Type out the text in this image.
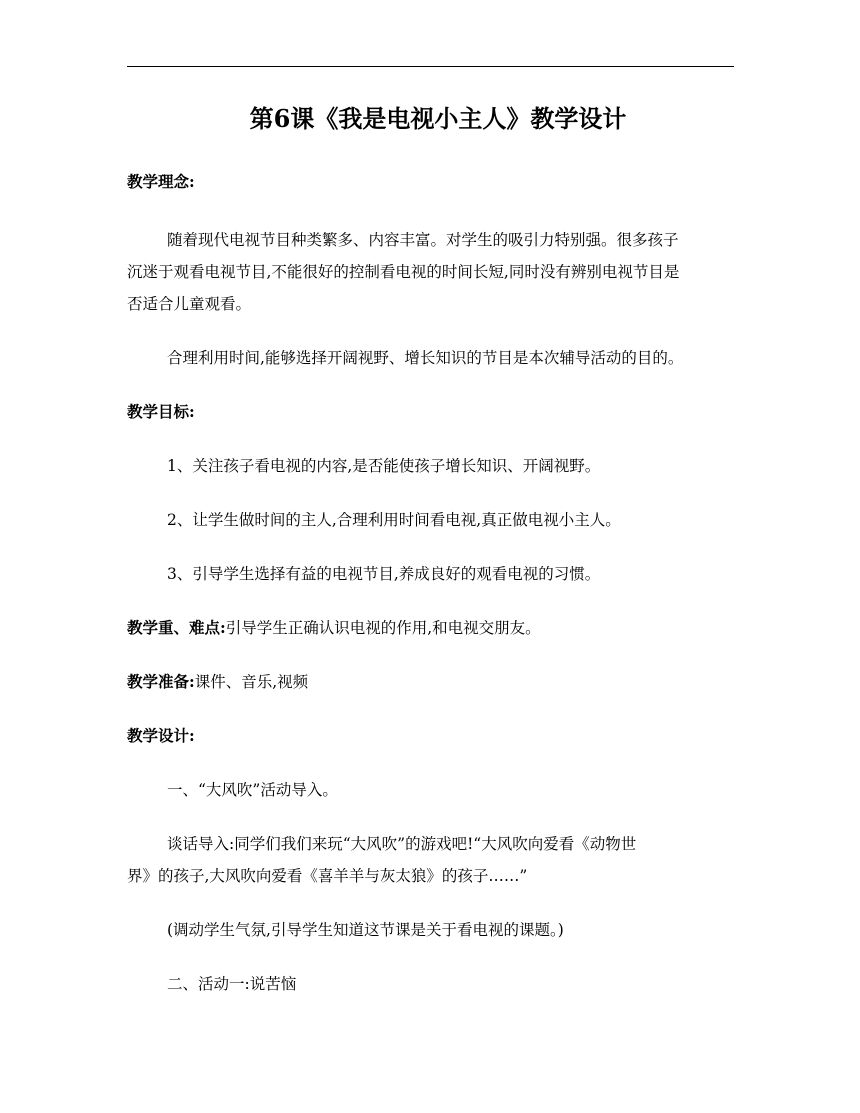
第6课《我是电视小主人》教学设计

教学理念:

随着现代电视节目种类繁多、内容丰富。对学生的吸引力特别强。很多孩子

沉迷于观看电视节目,不能很好的控制看电视的时间长短,同时没有辨别电视节目是

否适合儿童观看。

合理利用时间,能够选择开阔视野、增长知识的节目是本次辅导活动的目的。

教学目标:

1、关注孩子看电视的内容,是否能使孩子增长知识、开阔视野。

2、让学生做时间的主人,合理利用时间看电视,真正做电视小主人。

3、引导学生选择有益的电视节目,养成良好的观看电视的习惯。

教学重、难点:引导学生正确认识电视的作用,和电视交朋友。

教学准备:课件、音乐,视频

教学设计:

一、“大风吹”活动导入。

谈话导入:同学们我们来玩“大风吹”的游戏吧!“大风吹向爱看《动物世

界》的孩子,大风吹向爱看《喜羊羊与灰太狼》的孩子……”

(调动学生气氛,引导学生知道这节课是关于看电视的课题。)

二、活动一:说苦恼
